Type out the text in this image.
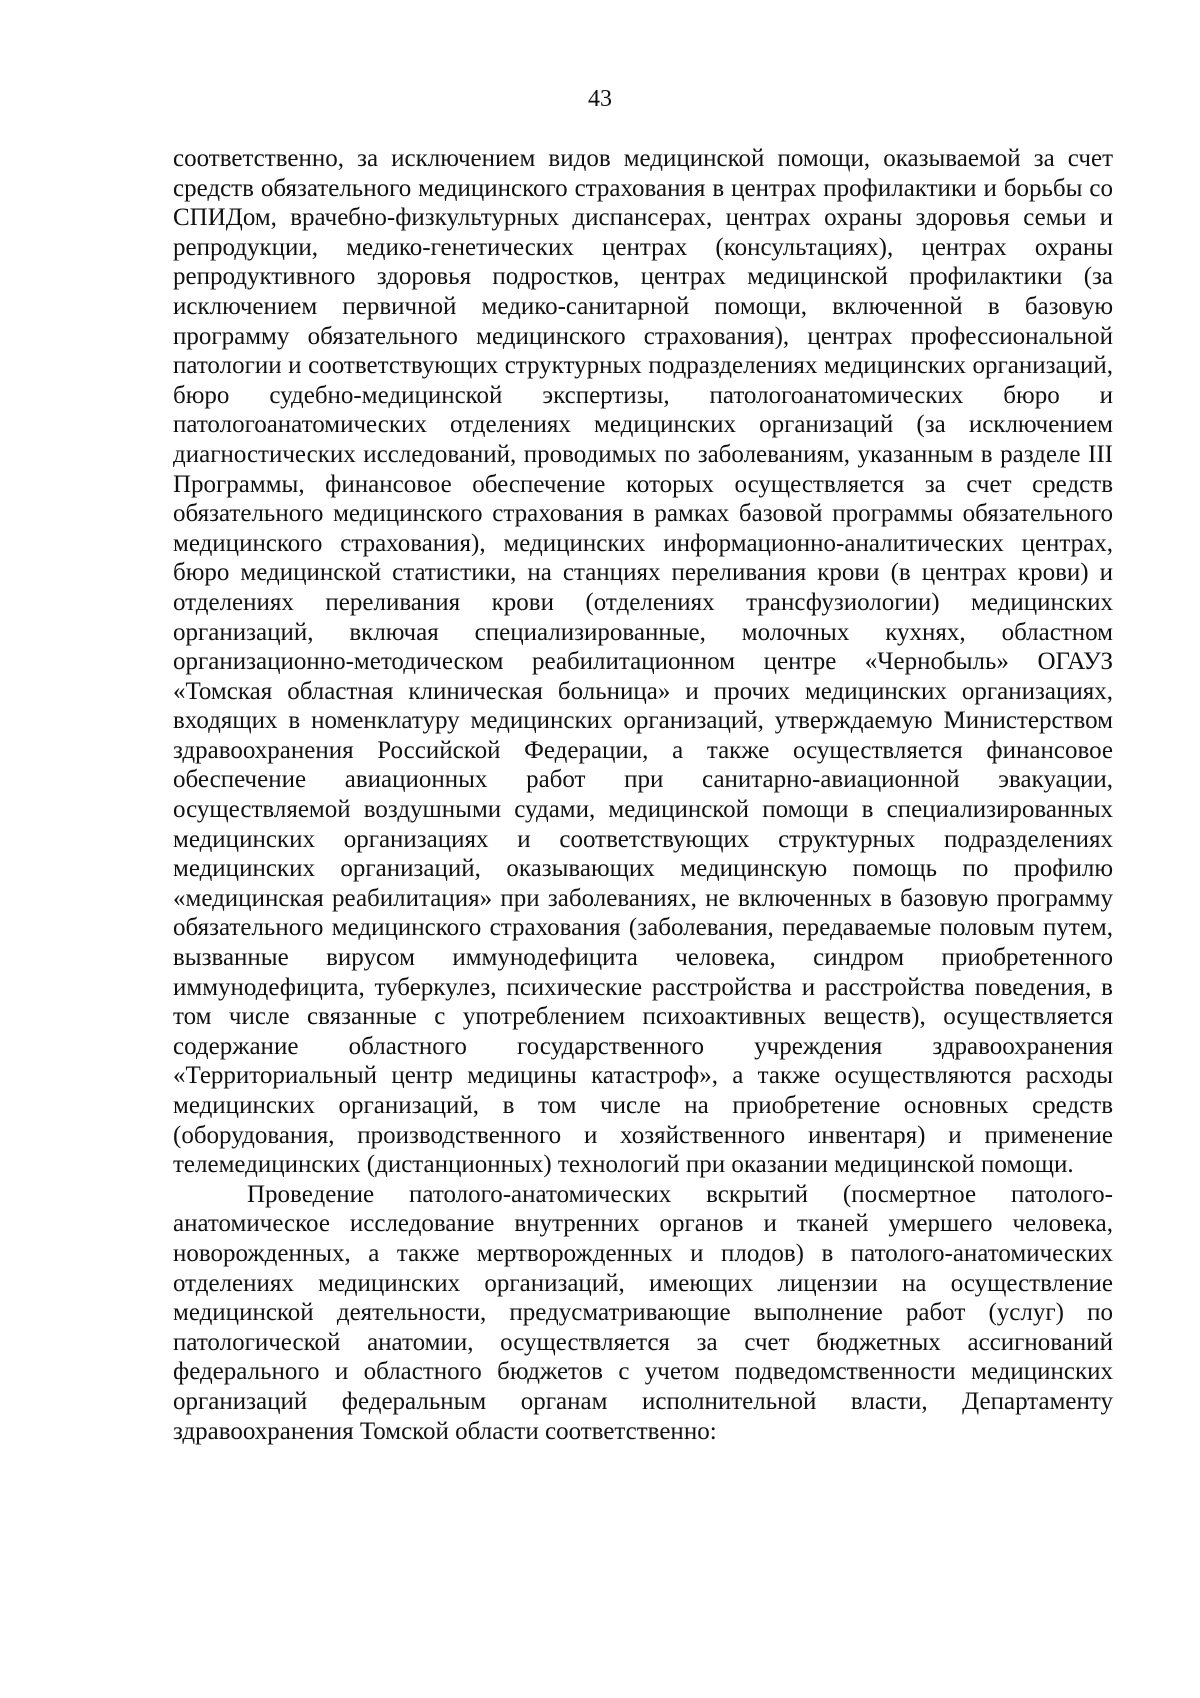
43

соответственно, за исключением видов медицинской помощи, оказываемой за счет средств обязательного медицинского страхования в центрах профилактики и борьбы со СПИДом, врачебно-физкультурных диспансерах, центрах охраны здоровья семьи и репродукции, медико-генетических центрах (консультациях), центрах охраны репродуктивного здоровья подростков, центрах медицинской профилактики (за исключением первичной медико-санитарной помощи, включенной в базовую программу обязательного медицинского страхования), центрах профессиональной патологии и соответствующих структурных подразделениях медицинских организаций, бюро судебно-медицинской экспертизы, патологоанатомических бюро и патологоанатомических отделениях медицинских организаций (за исключением диагностических исследований, проводимых по заболеваниям, указанным в разделе III Программы, финансовое обеспечение которых осуществляется за счет средств обязательного медицинского страхования в рамках базовой программы обязательного медицинского страхования), медицинских информационно-аналитических центрах, бюро медицинской статистики, на станциях переливания крови (в центрах крови) и отделениях переливания крови (отделениях трансфузиологии) медицинских организаций, включая специализированные, молочных кухнях, областном организационно-методическом реабилитационном центре «Чернобыль» ОГАУЗ «Томская областная клиническая больница» и прочих медицинских организациях, входящих в номенклатуру медицинских организаций, утверждаемую Министерством здравоохранения Российской Федерации, а также осуществляется финансовое обеспечение авиационных работ при санитарно-авиационной эвакуации, осуществляемой воздушными судами, медицинской помощи в специализированных медицинских организациях и соответствующих структурных подразделениях медицинских организаций, оказывающих медицинскую помощь по профилю «медицинская реабилитация» при заболеваниях, не включенных в базовую программу обязательного медицинского страхования (заболевания, передаваемые половым путем, вызванные вирусом иммунодефицита человека, синдром приобретенного иммунодефицита, туберкулез, психические расстройства и расстройства поведения, в том числе связанные с употреблением психоактивных веществ), осуществляется содержание областного государственного учреждения здравоохранения «Территориальный центр медицины катастроф», а также осуществляются расходы медицинских организаций, в том числе на приобретение основных средств (оборудования, производственного и хозяйственного инвентаря) и применение телемедицинских (дистанционных) технологий при оказании медицинской помощи.

Проведение патолого-анатомических вскрытий (посмертное патолого-анатомическое исследование внутренних органов и тканей умершего человека, новорожденных, а также мертворожденных и плодов) в патолого-анатомических отделениях медицинских организаций, имеющих лицензии на осуществление медицинской деятельности, предусматривающие выполнение работ (услуг) по патологической анатомии, осуществляется за счет бюджетных ассигнований федерального и областного бюджетов с учетом подведомственности медицинских организаций федеральным органам исполнительной власти, Департаменту здравоохранения Томской области соответственно:
